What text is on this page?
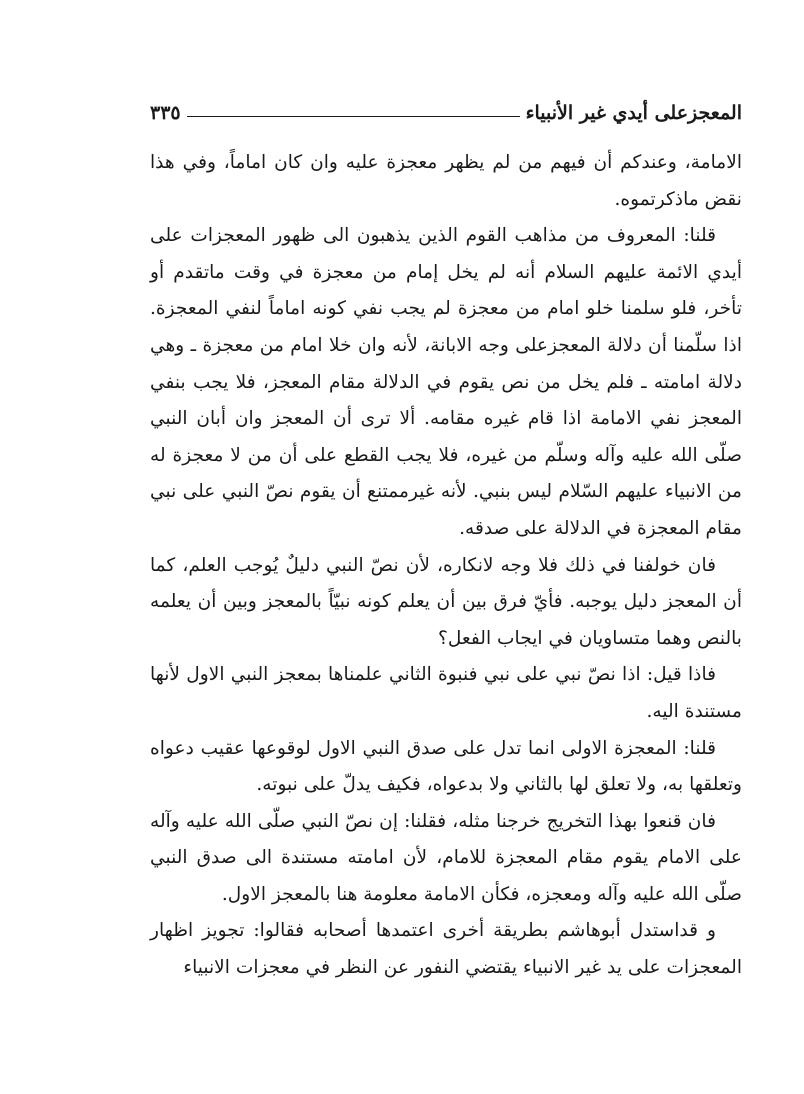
المعجزعلى أيدي غير الأنبياء
٣٣٥

الامامة، وعندكم أن فيهم من لم يظهر معجزة عليه وان كان اماماً، وفي هذا نقض ماذكرتموه.

قلنا: المعروف من مذاهب القوم الذين يذهبون الى ظهور المعجزات على أيدي الائمة عليهم السلام أنه لم يخل إمام من معجزة في وقت ماتقدم أو تأخر، فلو سلمنا خلو امام من معجزة لم يجب نفي كونه اماماً لنفي المعجزة. اذا سلّمنا أن دلالة المعجزعلى وجه الابانة، لأنه وان خلا امام من معجزة ـ وهي دلالة امامته ـ فلم يخل من نص يقوم في الدلالة مقام المعجز، فلا يجب بنفي المعجز نفي الامامة اذا قام غيره مقامه. ألا ترى أن المعجز وان أبان النبي صلّى الله عليه وآله وسلّم من غيره، فلا يجب القطع على أن من لا معجزة له من الانبياء عليهم السّلام ليس بنبي. لأنه غيرممتنع أن يقوم نصّ النبي على نبي مقام المعجزة في الدلالة على صدقه.

فان خولفنا في ذلك فلا وجه لانكاره، لأن نصّ النبي دليلٌ يُوجب العلم، كما أن المعجز دليل يوجبه. فأيّ فرق بين أن يعلم كونه نبيّاً بالمعجز وبين أن يعلمه بالنص وهما متساويان في ايجاب الفعل؟

فاذا قيل: اذا نصّ نبي على نبي فنبوة الثاني علمناها بمعجز النبي الاول لأنها مستندة اليه.

قلنا: المعجزة الاولى انما تدل على صدق النبي الاول لوقوعها عقيب دعواه وتعلقها به، ولا تعلق لها بالثاني ولا بدعواه، فكيف يدلّ على نبوته.

فان قنعوا بهذا التخريج خرجنا مثله، فقلنا: إن نصّ النبي صلّى الله عليه وآله على الامام يقوم مقام المعجزة للامام، لأن امامته مستندة الى صدق النبي صلّى الله عليه وآله ومعجزه، فكأن الامامة معلومة هنا بالمعجز الاول.

و قداستدل أبوهاشم بطريقة أخرى اعتمدها أصحابه فقالوا: تجويز اظهار المعجزات على يد غير الانبياء يقتضي النفور عن النظر في معجزات الانبياء
